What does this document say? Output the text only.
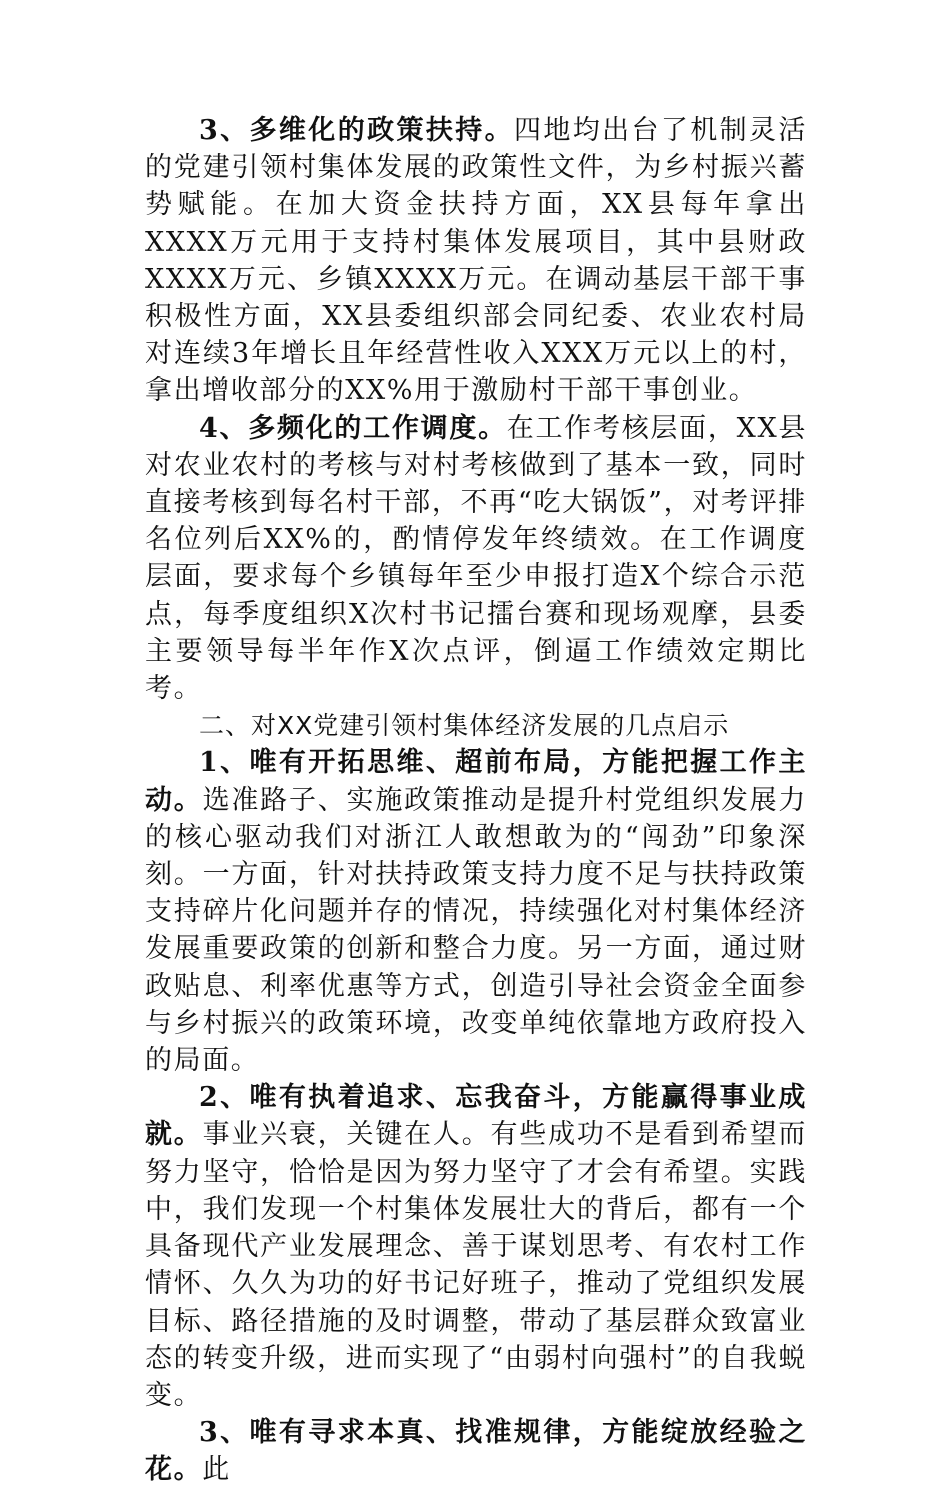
3、多维化的政策扶持。四地均出台了机制灵活的党建引领村集体发展的政策性文件，为乡村振兴蓄势赋能。在加大资金扶持方面，XX县每年拿出XXXX万元用于支持村集体发展项目，其中县财政XXXX万元、乡镇XXXX万元。在调动基层干部干事积极性方面，XX县委组织部会同纪委、农业农村局对连续3年增长且年经营性收入XXX万元以上的村，拿出增收部分的XX%用于激励村干部干事创业。

4、多频化的工作调度。在工作考核层面，XX县对农业农村的考核与对村考核做到了基本一致，同时直接考核到每名村干部，不再“吃大锅饭”，对考评排名位列后XX%的，酌情停发年终绩效。在工作调度层面，要求每个乡镇每年至少申报打造X个综合示范点，每季度组织X次村书记擂台赛和现场观摩，县委主要领导每半年作X次点评，倒逼工作绩效定期比考。

二、对XX党建引领村集体经济发展的几点启示

1、唯有开拓思维、超前布局，方能把握工作主动。选准路子、实施政策推动是提升村党组织发展力的核心驱动我们对浙江人敢想敢为的“闯劲”印象深刻。一方面，针对扶持政策支持力度不足与扶持政策支持碎片化问题并存的情况，持续强化对村集体经济发展重要政策的创新和整合力度。另一方面，通过财政贴息、利率优惠等方式，创造引导社会资金全面参与乡村振兴的政策环境，改变单纯依靠地方政府投入的局面。

2、唯有执着追求、忘我奋斗，方能赢得事业成就。事业兴衰，关键在人。有些成功不是看到希望而努力坚守，恰恰是因为努力坚守了才会有希望。实践中，我们发现一个村集体发展壮大的背后，都有一个具备现代产业发展理念、善于谋划思考、有农村工作情怀、久久为功的好书记好班子，推动了党组织发展目标、路径措施的及时调整，带动了基层群众致富业态的转变升级，进而实现了“由弱村向强村”的自我蜕变。

3、唯有寻求本真、找准规律，方能绽放经验之花。此
